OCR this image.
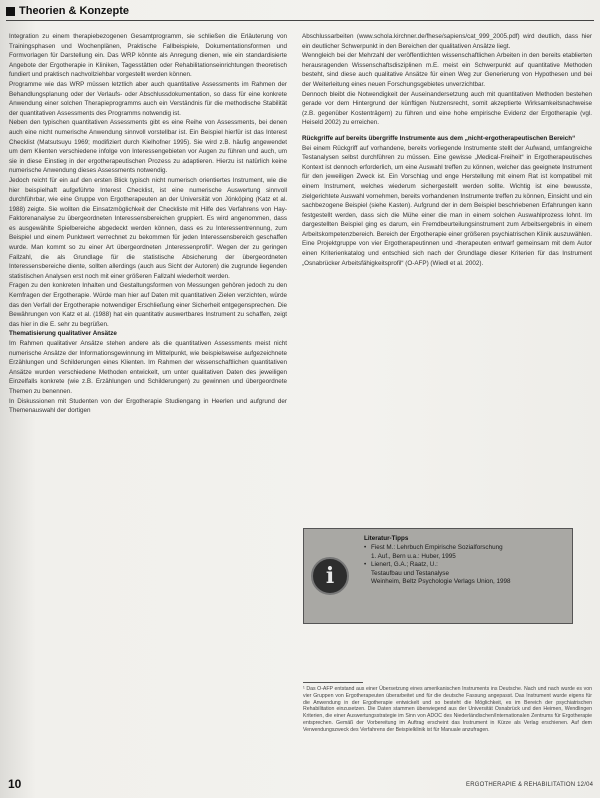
Theorien & Konzepte

Integration zu einem therapiebezogenen Gesamtprogramm, sie schließen die Erläuterung von Trainingsphasen und Wochenplänen, Praktische Fallbeispiele, Dokumentationsformen und Formvorlagen für Darstellung ein. Das WRP könnte als Anregung dienen, wie ein standardisierte Angebote der Ergotherapie in Kliniken, Tagesstätten oder Rehabilitationseinrichtungen theoretisch fundiert und praktisch nachvollziehbar vorgestellt werden können.

Programme wie das WRP müssen letztlich aber auch quantitative Assessments im Rahmen der Behandlungsplanung oder der Verlaufs- oder Abschlussdokumentation, so dass für eine konkrete Anwendung einer solchen Therapieprogramms auch ein Verständnis für die methodische Stabilität der quantitativen Assessments des Programms notwendig ist.

Neben den typischen quantitativen Assessments gibt es eine Reihe von Assessments, bei denen auch eine nicht numerische Anwendung sinnvoll vorstellbar ist. Ein Beispiel hierfür ist das Interest Checklist (Matsutsuyu 1969; modifiziert durch Kielhofner 1995). Sie wird z.B. häufig angewendet um dem Klienten verschiedene infolge von Interessengebieten vor Augen zu führen und auch, um sie in diese Einstieg in der ergotherapeutischen Prozess zu adaptieren. Hierzu ist natürlich keine numerische Anwendung dieses Assessments notwendig.

Jedoch reicht für ein auf den ersten Blick typisch nicht numerisch orientiertes Instrument, wie die hier beispielhaft aufgeführte Interest Checklist, ist eine numerische Auswertung sinnvoll durchführbar, wie eine Gruppe von Ergotherapeuten an der Universität von Jönköping (Katz et al. 1988) zeigte. Sie wollten die Einsatzmöglichkeit der Checkliste mit Hilfe des Verfahrens von Hay-Faktorenanalyse zu übergeordneten Interessensbereichen gruppiert. Es wird angenommen, dass es ausgewählte Spielbereiche abgedeckt werden können, dass es zu Interessentrennung, zum Beispiel und einem Punktwert verrechnet zu bekommen für jeden Interessensbereich geschaffen wurde. Man kommt so zu einer Art übergeordneten „Interessenprofil“. Wegen der zu geringen Fallzahl, die als Grundlage für die statistische Absicherung der übergeordneten Interessensbereiche diente, sollten allerdings (auch aus Sicht der Autoren) die zugrunde liegenden statistischen Analysen erst noch mit einer größeren Fallzahl wiederholt werden.

Fragen zu den konkreten Inhalten und Gestaltungsformen von Messungen gehören jedoch zu den Kernfragen der Ergotherapie. Würde man hier auf Daten mit quantitativen Zielen verzichten, würde das den Verfall der Ergotherapie notwendiger Erschließung einer Sicherheit entgegensprechen. Die Bewährungen von Katz et al. (1988) hat ein quantitativ auswertbares Instrument zu schaffen, zeigt das hier in die E. sehr zu begrüßen.

Thematisierung qualitativer Ansätze

Im Rahmen qualitativer Ansätze stehen andere als die quantitativen Assessments meist nicht numerische Ansätze der Informationsgewinnung im Mittelpunkt, wie beispielsweise aufgezeichnete Erzählungen und Schilderungen eines Klienten. Im Rahmen der wissenschaftlichen quantitativen Ansätze wurden verschiedene Methoden entwickelt, um unter qualitativen Daten des jeweiligen Einzelfalls konkrete (wie z.B. Erzählungen und Schilderungen) zu gewinnen und übergeordnete Themen zu benennen.

In Diskussionen mit Studenten von der Ergotherapie Studiengang in Heerlen und aufgrund der Themenauswahl der dortigen

Abschlussarbeiten (www.schola.kirchner.de/fhese/sapiens/cat_999_2005.pdf) wird deutlich, dass hier ein deutlicher Schwerpunkt in den Bereichen der qualitativen Ansätze liegt.

Wenngleich bei der Mehrzahl der veröffentlichten wissenschaftlichen Arbeiten in den bereits etablierten herausragenden Wissenschaftsdisziplinen m.E. meist ein Schwerpunkt auf quantitative Methoden besteht, sind diese auch qualitative Ansätze für einen Weg zur Generierung von Hypothesen und bei der Weiterleitung eines neuen Forschungsgebietes unverzichtbar.

Dennoch bleibt die Notwendigkeit der Auseinandersetzung auch mit quantitativen Methoden bestehen gerade vor dem Hintergrund der künftigen Nutzensrecht, somit akzeptierte Wirksamkeitsnachweise (z.B. gegenüber Kostenträgern) zu führen und eine hohe empirische Evidenz der Ergotherapie (vgl. Heiseld 2002) zu erreichen.

Rückgriffe auf bereits übergriffe Instrumente aus dem „nicht-ergotherapeutischen Bereich“

Bei einem Rückgriff auf vorhandene, bereits vorliegende Instrumente stellt der Aufwand, umfangreiche Testanalysen selbst durchführen zu müssen. Eine gewisse „Medical-Freiheit“ in Ergotherapeutisches Kontext ist dennoch erforderlich, um eine Auswahl treffen zu können, welcher das geeignete Instrument für den jeweiligen Zweck ist. Ein Vorschlag und enge Herstellung mit einem Rat ist kompatibel mit einem Instrument, welches wiederum sichergestellt werden sollte. Wichtig ist eine bewusste, zielgerichtete Auswahl vornehmen, bereits vorhandenen Instrumente treffen zu können, Einsicht und ein sachbezogene Beispiel (siehe Kasten). Aufgrund der in dem Beispiel beschriebenen Erfahrungen kann festgestellt werden, dass sich die Mühe einer die man in einem solchen Auswahlprozess lohnt. Im dargestellten Beispiel ging es darum, ein Fremdbeurteilungsinstrument zum Arbeitsergebnis in einem Arbeitskompetenzbereich. Bereich der Ergotherapie einer größeren psychiatrischen Klinik auszuwählen. Eine Projektgruppe von vier Ergotherapeutinnen und -therapeuten entwarf gemeinsam mit dem Autor einen Kriterienkatalog und entschied sich nach der Grundlage dieser Kriterien für das Instrument „Osnabrücker Arbeitsfähigkeitsprofil“ (O-AFP) (Wiedl et al. 2002).

i
Literatur-Tipps
• Fiest M.: Lehrbuch Empirische Sozialforschung
1. Auf., Bern u.a.: Huber, 1995
• Lienert, G.A.; Raatz, U.:
Testaufbau und Testanalyse
Weinheim, Beltz Psychologie Verlags Union, 1998
¹ Das O-AFP entstand aus einer Übersetzung eines amerikanischen Instruments ins Deutsche. Nach und nach wurde es von vier Gruppen von Ergotherapeuten überarbeitet und für die deutsche Fassung angepasst. Das Instrument wurde eigens für die Anwendung in der Ergotherapie entwickelt und so besteht die Möglichkeit, es im Bereich der psychiatrischen Rehabilitation einzusetzen. Die Daten stammen überwiegend aus der Universität Osnabrück und den Heimen, Wendlingen Kriterien, die einer Auswertungsstrategie im Sinn von ADOC des Niederländischen/Internationalen Zentrums für Ergotherapie entsprechen. Gemäß der Vorbereitung im Auftrag erscheint das Instrument in Kürze als Verlag erschienen. Auf dem Verwendungszweck des Verfahrens der Beispielklinik ist für Manuale anzufragen.
10	ERGOTHERAPIE & REHABILITATION 12/04
